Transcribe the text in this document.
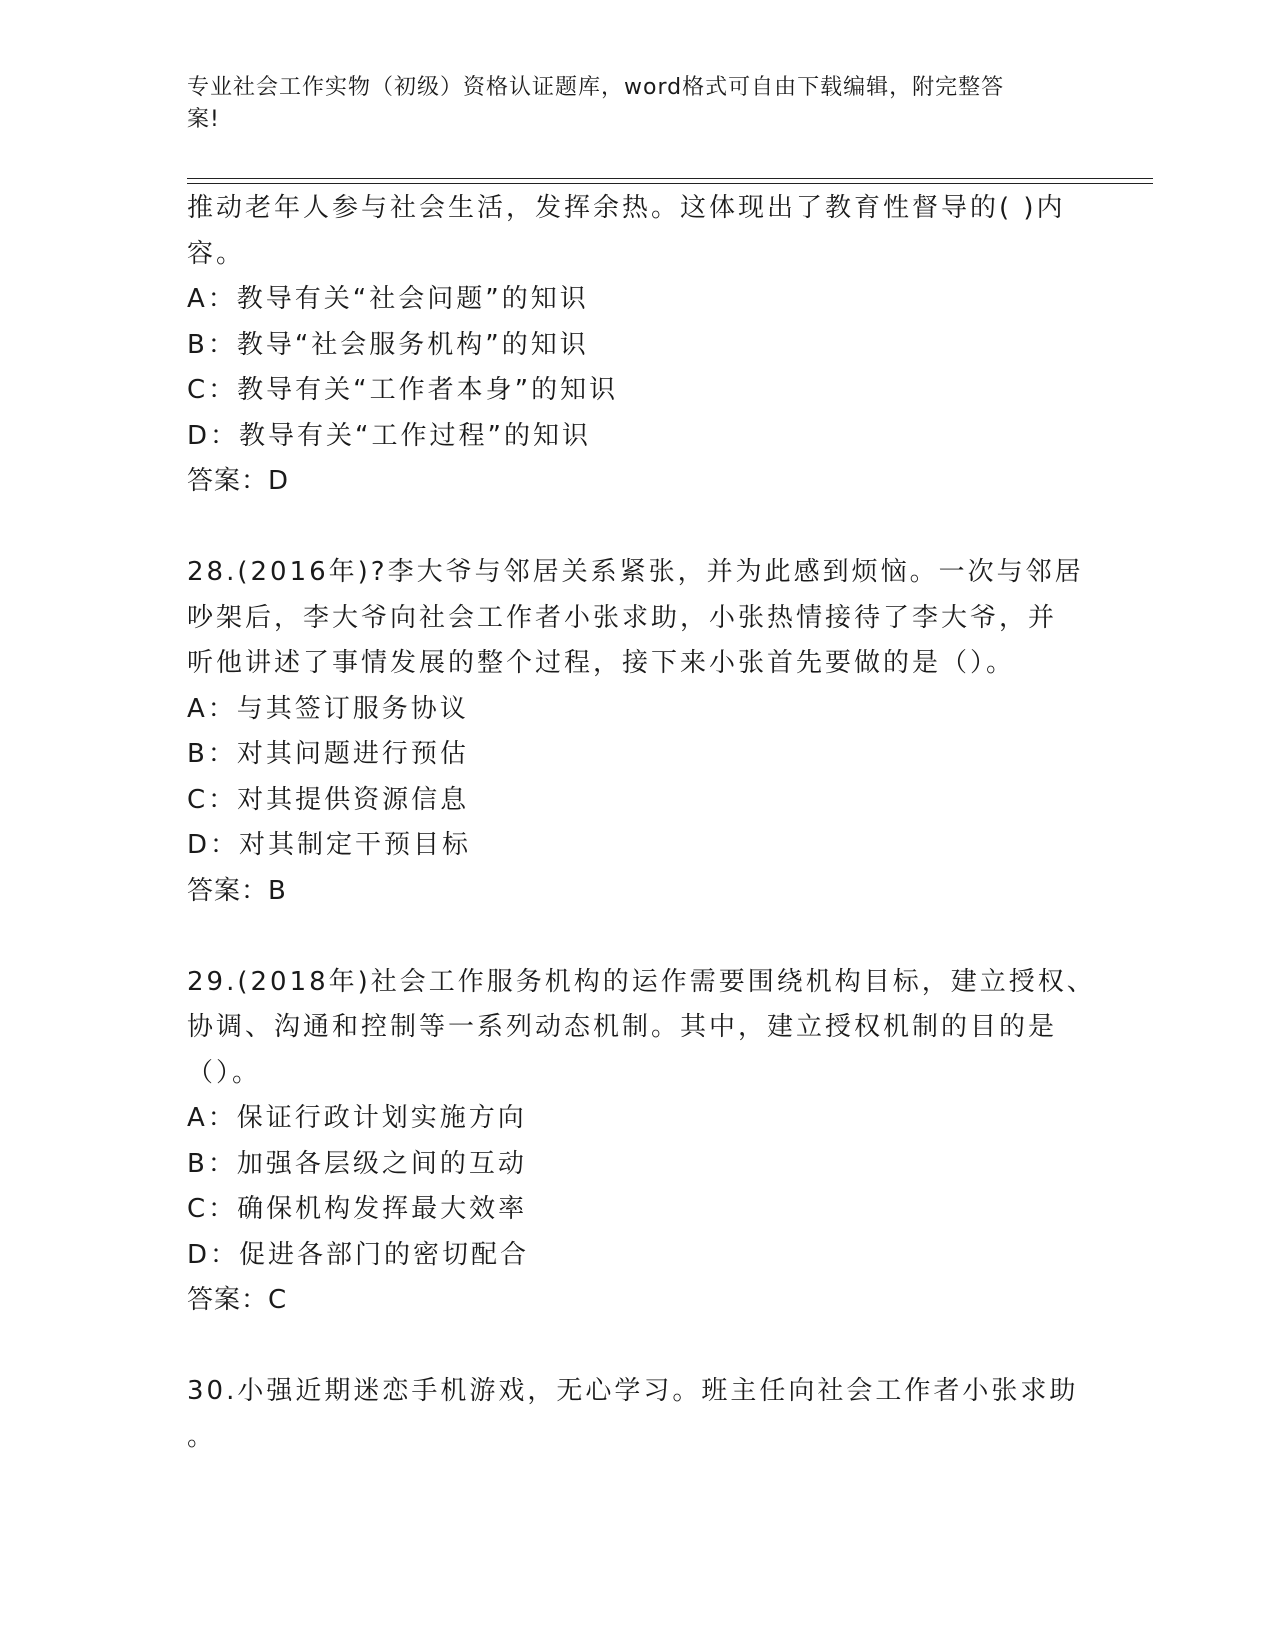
专业社会工作实物（初级）资格认证题库，word格式可自由下载编辑，附完整答
案!
推动老年人参与社会生活，发挥余热。这体现出了教育性督导的( )内
容。
A：教导有关“社会问题”的知识
B：教导“社会服务机构”的知识
C：教导有关“工作者本身”的知识
D：教导有关“工作过程”的知识
答案：D
28.(2016年)?李大爷与邻居关系紧张，并为此感到烦恼。一次与邻居
吵架后，李大爷向社会工作者小张求助，小张热情接待了李大爷，并
听他讲述了事情发展的整个过程，接下来小张首先要做的是（）。
A：与其签订服务协议
B：对其问题进行预估
C：对其提供资源信息
D：对其制定干预目标
答案：B
29.(2018年)社会工作服务机构的运作需要围绕机构目标，建立授权、
协调、沟通和控制等一系列动态机制。其中，建立授权机制的目的是
（）。
A：保证行政计划实施方向
B：加强各层级之间的互动
C：确保机构发挥最大效率
D：促进各部门的密切配合
答案：C
30.小强近期迷恋手机游戏，无心学习。班主任向社会工作者小张求助
。
